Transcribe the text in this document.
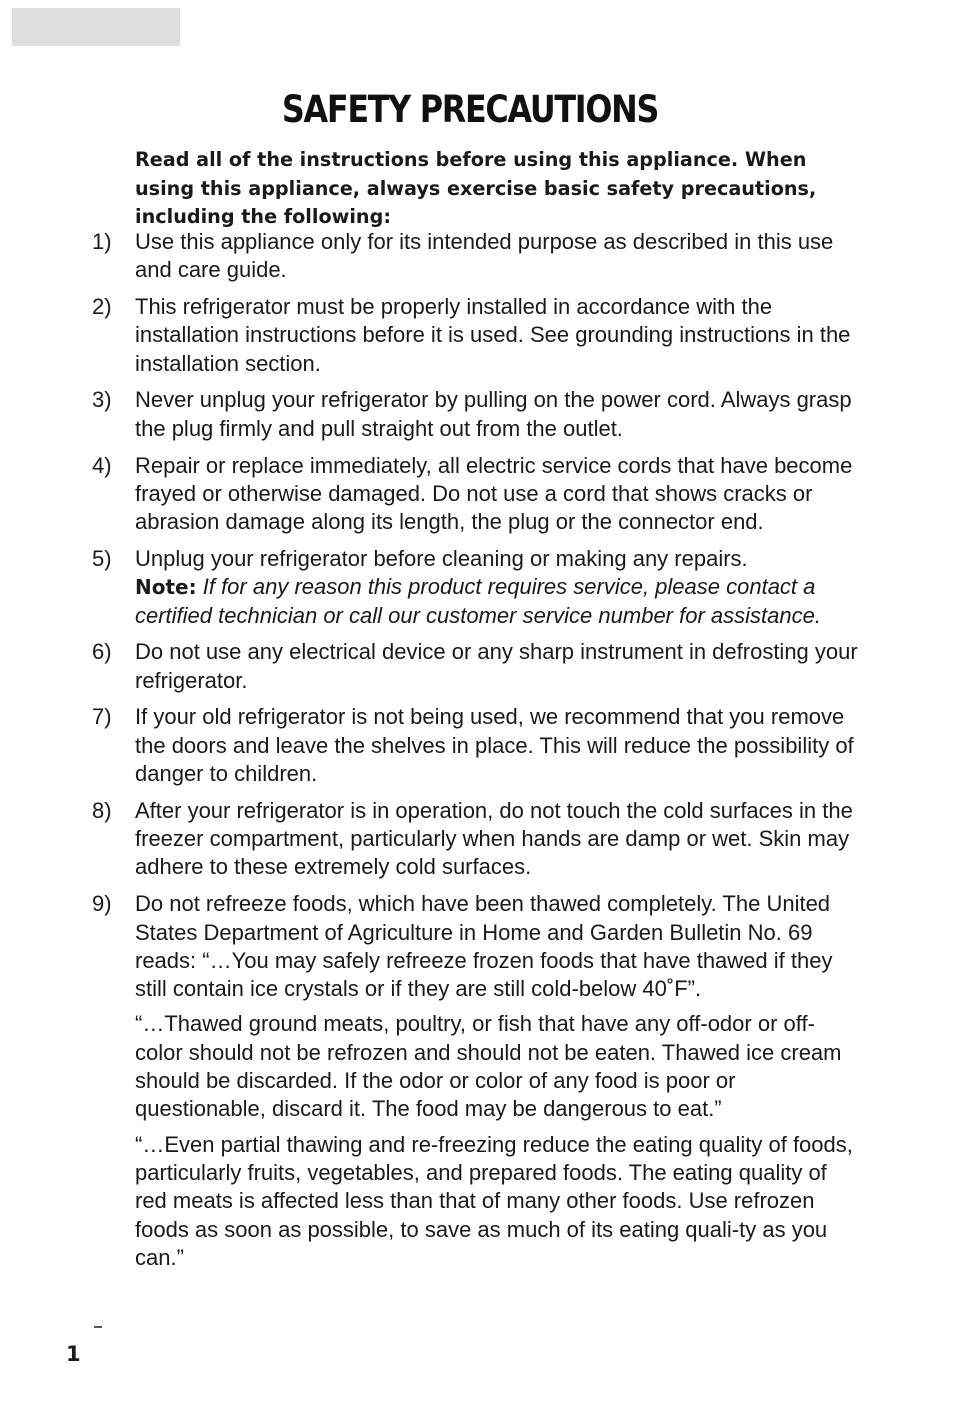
SAFETY PRECAUTIONS
Read all of the instructions before using this appliance. When using this appliance, always exercise basic safety precautions, including the following:
1)	Use this appliance only for its intended purpose as described in this use and care guide.
2)	This refrigerator must be properly installed in accordance with the installation instructions before it is used. See grounding instructions in the installation section.
3)	Never unplug your refrigerator by pulling on the power cord. Always grasp the plug firmly and pull straight out from the outlet.
4)	Repair or replace immediately, all electric service cords that have become frayed or otherwise damaged. Do not use a cord that shows cracks or abrasion damage along its length, the plug or the connector end.
5)	Unplug your refrigerator before cleaning or making any repairs.
Note: If for any reason this product requires service, please contact a certified technician or call our customer service number for assistance.
6)	Do not use any electrical device or any sharp instrument in defrosting your refrigerator.
7)	If your old refrigerator is not being used, we recommend that you remove the doors and leave the shelves in place. This will reduce the possibility of danger to children.
8)	After your refrigerator is in operation, do not touch the cold surfaces in the freezer compartment, particularly when hands are damp or wet. Skin may adhere to these extremely cold surfaces.
9)	Do not refreeze foods, which have been thawed completely. The United States Department of Agriculture in Home and Garden Bulletin No. 69 reads: “…You may safely refreeze frozen foods that have thawed if they still contain ice crystals or if they are still cold-below 40˚F”.
“…Thawed ground meats, poultry, or fish that have any off-odor or off-color should not be refrozen and should not be eaten. Thawed ice cream should be discarded. If the odor or color of any food is poor or questionable, discard it. The food may be dangerous to eat.”
“…Even partial thawing and re-freezing reduce the eating quality of foods, particularly fruits, vegetables, and prepared foods. The eating quality of red meats is affected less than that of many other foods. Use refrozen foods as soon as possible, to save as much of its eating quali-ty as you can.”
1
